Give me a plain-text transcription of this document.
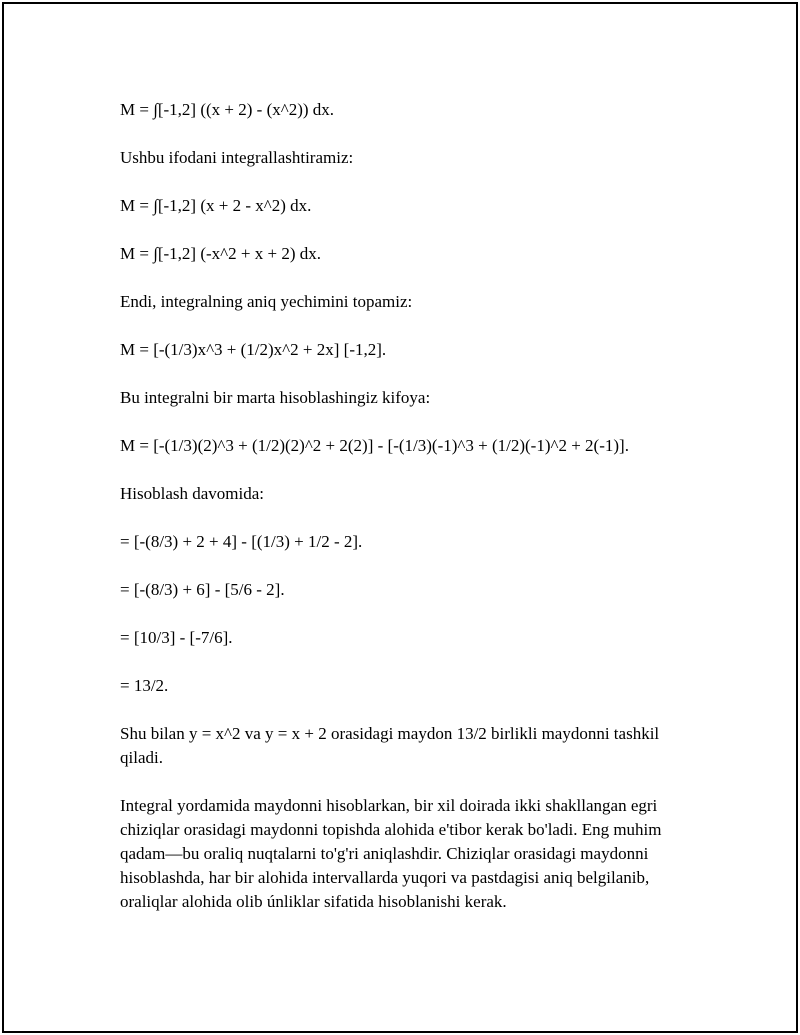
M = ∫[-1,2] ((x + 2) - (x^2)) dx.

Ushbu ifodani integrallashtiramiz:

M = ∫[-1,2] (x + 2 - x^2) dx.

M = ∫[-1,2] (-x^2 + x + 2) dx.

Endi, integralning aniq yechimini topamiz:

M = [-(1/3)x^3 + (1/2)x^2 + 2x] [-1,2].

Bu integralni bir marta hisoblashingiz kifoya:

M = [-(1/3)(2)^3 + (1/2)(2)^2 + 2(2)] - [-(1/3)(-1)^3 + (1/2)(-1)^2 + 2(-1)].

Hisoblash davomida:

= [-(8/3) + 2 + 4] - [(1/3) + 1/2 - 2].

= [-(8/3) + 6] - [5/6 - 2].

= [10/3] - [-7/6].

= 13/2.

Shu bilan y = x^2 va y = x + 2 orasidagi maydon 13/2 birlikli maydonni tashkil qiladi.

Integral yordamida maydonni hisoblarkan, bir xil doirada ikki shakllangan egri chiziqlar orasidagi maydonni topishda alohida e'tibor kerak bo'ladi. Eng muhim qadam—bu oraliq nuqtalarni to'g'ri aniqlashdir. Chiziqlar orasidagi maydonni hisoblashda, har bir alohida intervallarda yuqori va pastdagisi aniq belgilanib, oraliqlar alohida olib únliklar sifatida hisoblanishi kerak.
